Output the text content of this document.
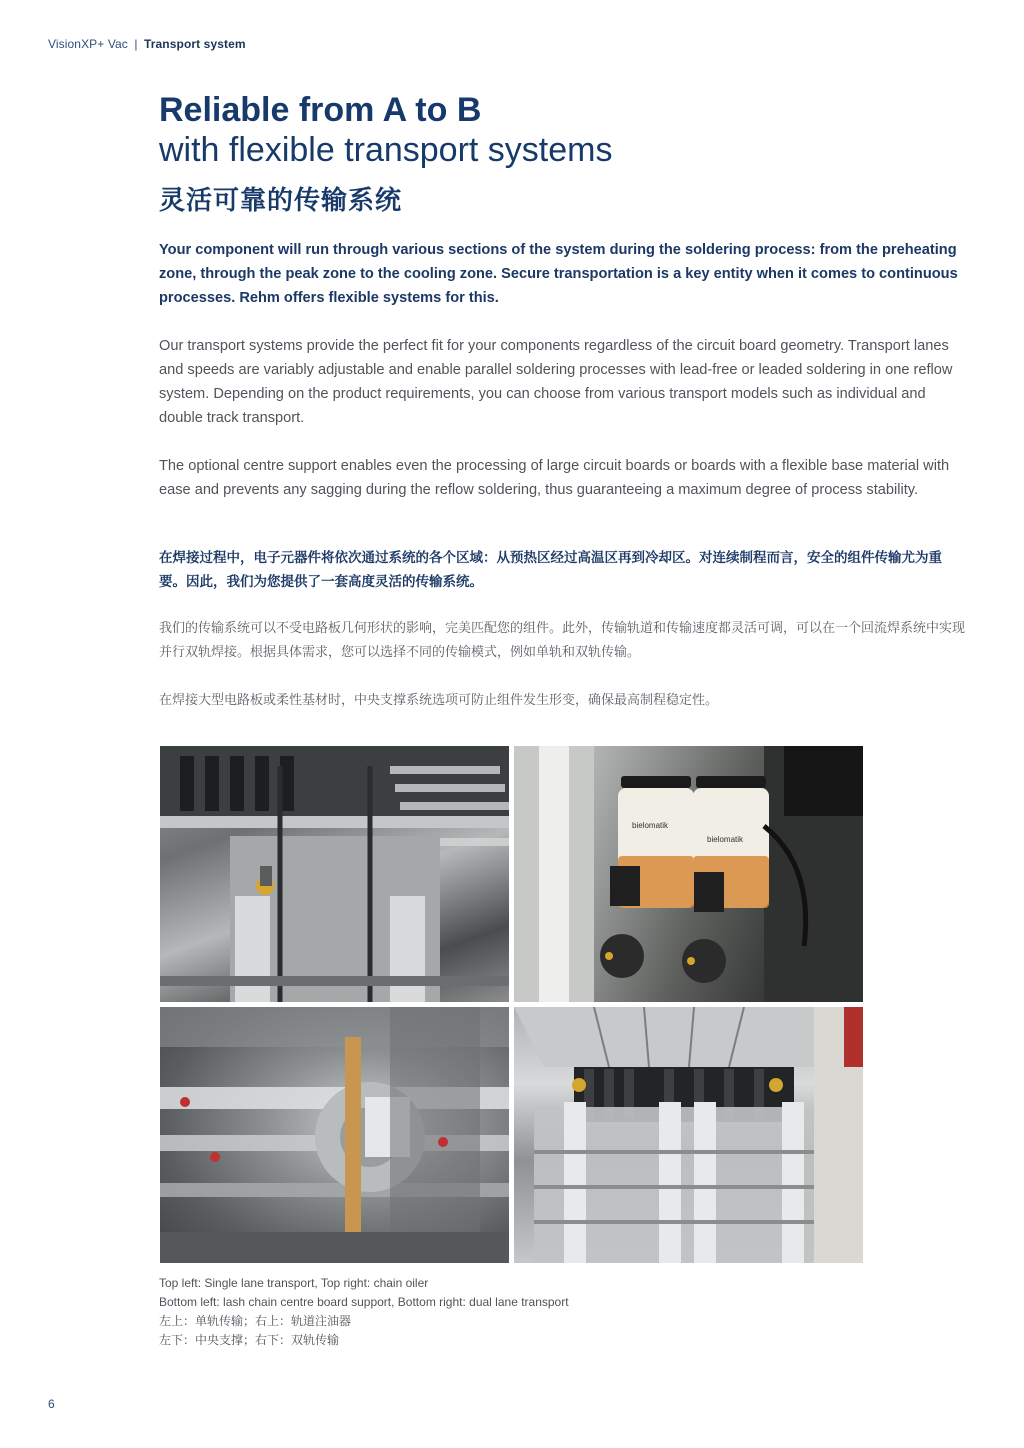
VisionXP+ Vac | Transport system
Reliable from A to B
with flexible transport systems
灵活可靠的传输系统

Your component will run through various sections of the system during the soldering process: from the preheating zone, through the peak zone to the cooling zone. Secure transportation is a key entity when it comes to continuous processes. Rehm offers flexible systems for this.

Our transport systems provide the perfect fit for your components regardless of the circuit board geometry. Transport lanes and speeds are variably adjustable and enable parallel soldering processes with lead-free or leaded soldering in one reflow system. Depending on the product requirements, you can choose from various transport models such as individual and double track transport.

The optional centre support enables even the processing of large circuit boards or boards with a flexible base material with ease and prevents any sagging during the reflow soldering, thus guaranteeing a maximum degree of process stability.

在焊接过程中，电子元器件将依次通过系统的各个区域：从预热区经过高温区再到冷却区。对连续制程而言，安全的组件传输尤为重要。因此，我们为您提供了一套高度灵活的传输系统。

我们的传输系统可以不受电路板几何形状的影响，完美匹配您的组件。此外，传输轨道和传输速度都灵活可调，可以在一个回流焊系统中实现并行双轨焊接。根据具体需求，您可以选择不同的传输模式，例如单轨和双轨传输。

在焊接大型电路板或柔性基材时，中央支撑系统选项可防止组件发生形变，确保最高制程稳定性。

bielomatik
bielomatik
Top left: Single lane transport, Top right: chain oiler
Bottom left: lash chain centre board support, Bottom right: dual lane transport
左上：单轨传输；右上：轨道注油器
左下：中央支撑；右下：双轨传输
6
